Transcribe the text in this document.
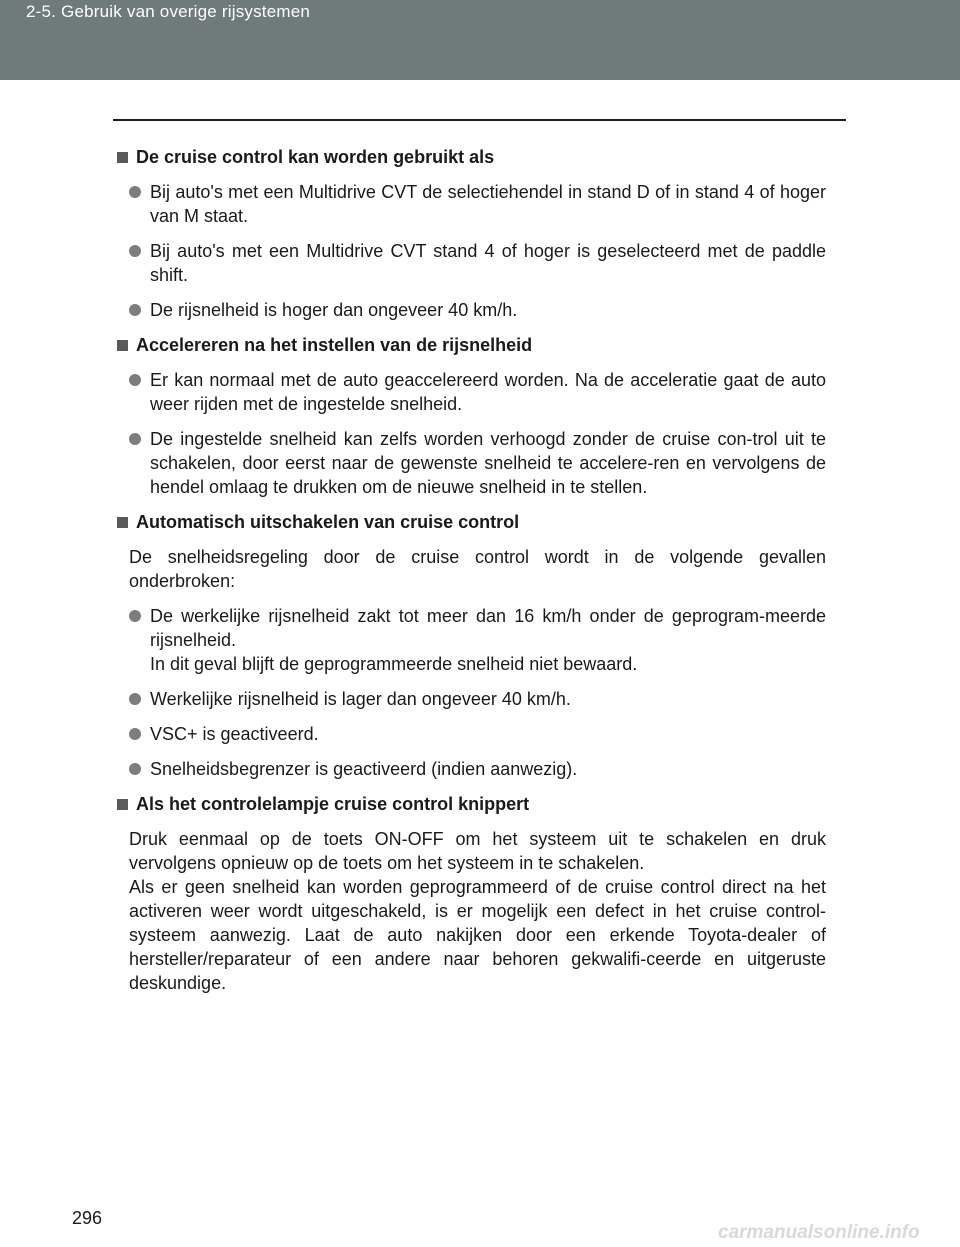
2-5. Gebruik van overige rijsystemen
De cruise control kan worden gebruikt als
Bij auto's met een Multidrive CVT de selectiehendel in stand D of in stand 4 of hoger van M staat.
Bij auto's met een Multidrive CVT stand 4 of hoger is geselecteerd met de paddle shift.
De rijsnelheid is hoger dan ongeveer 40 km/h.
Accelereren na het instellen van de rijsnelheid
Er kan normaal met de auto geaccelereerd worden. Na de acceleratie gaat de auto weer rijden met de ingestelde snelheid.
De ingestelde snelheid kan zelfs worden verhoogd zonder de cruise con-trol uit te schakelen, door eerst naar de gewenste snelheid te accelere-ren en vervolgens de hendel omlaag te drukken om de nieuwe snelheid in te stellen.
Automatisch uitschakelen van cruise control
De snelheidsregeling door de cruise control wordt in de volgende gevallen onderbroken:
De werkelijke rijsnelheid zakt tot meer dan 16 km/h onder de geprogram-meerde rijsnelheid.
In dit geval blijft de geprogrammeerde snelheid niet bewaard.
Werkelijke rijsnelheid is lager dan ongeveer 40 km/h.
VSC+ is geactiveerd.
Snelheidsbegrenzer is geactiveerd (indien aanwezig).
Als het controlelampje cruise control knippert
Druk eenmaal op de toets ON-OFF om het systeem uit te schakelen en druk vervolgens opnieuw op de toets om het systeem in te schakelen.
Als er geen snelheid kan worden geprogrammeerd of de cruise control direct na het activeren weer wordt uitgeschakeld, is er mogelijk een defect in het cruise control-systeem aanwezig. Laat de auto nakijken door een erkende Toyota-dealer of hersteller/reparateur of een andere naar behoren gekwalifi-ceerde en uitgeruste deskundige.
296
carmanualsonline.info
